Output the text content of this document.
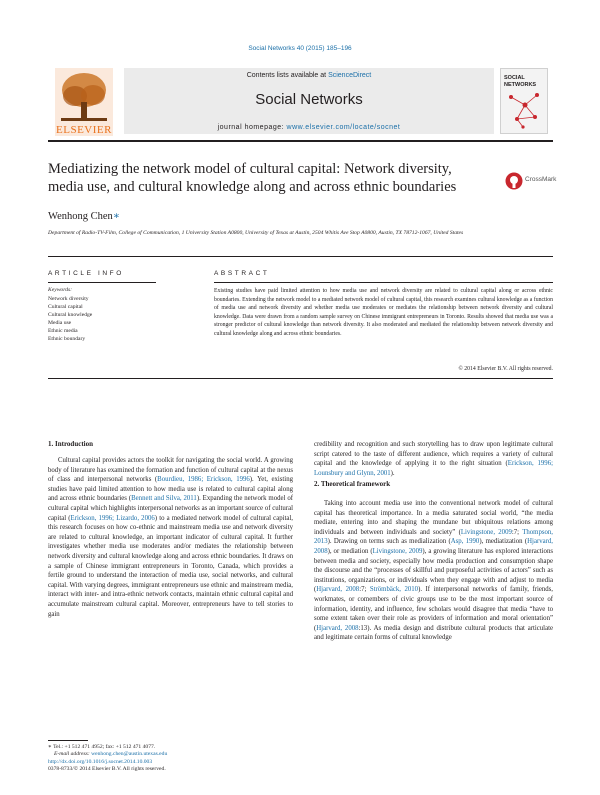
Social Networks 40 (2015) 185–196
ELSEVIER
Contents lists available at ScienceDirect
Social Networks
journal homepage: www.elsevier.com/locate/socnet
SOCIAL NETWORKS
Mediatizing the network model of cultural capital: Network diversity, media use, and cultural knowledge along and across ethnic boundaries	CrossMark
Wenhong Chen∗
Department of Radio-TV-Film, College of Communication, 1 University Station A0800, University of Texas at Austin, 2504 Whitis Ave Stop A0800, Austin, TX 78712-1067, United States
ARTICLE INFO
Keywords:
Network diversity
Cultural capital
Cultural knowledge
Media use
Ethnic media
Ethnic boundary
ABSTRACT
Existing studies have paid limited attention to how media use and network diversity are related to cultural capital along or across ethnic boundaries. Extending the network model to a mediated network model of cultural capital, this research examines cultural knowledge as a function of media use and network diversity and whether media use moderates or mediates the relationship between network diversity and cultural knowledge. Data were drawn from a random sample survey on Chinese immigrant entrepreneurs in Toronto. Results showed that media use was a stronger predictor of cultural knowledge than network diversity. It also moderated and mediated the relationship between network diversity and cultural knowledge along and across ethnic boundaries.
© 2014 Elsevier B.V. All rights reserved.
1. Introduction

Cultural capital provides actors the toolkit for navigating the social world. A growing body of literature has examined the formation and function of cultural capital at the nexus of class and interpersonal networks (Bourdieu, 1986; Erickson, 1996). Yet, existing studies have paid limited attention to how media use is related to cultural capital along and across ethnic boundaries (Bennett and Silva, 2011). Expanding the network model of cultural capital which highlights interpersonal networks as an important source of cultural capital (Erickson, 1996; Lizardo, 2006) to a mediated network model of cultural capital, this research focuses on how co-ethnic and mainstream media use and network diversity are related to cultural knowledge, an important indicator of cultural capital. It further investigates whether media use moderates and/or mediates the relationship between network diversity and cultural knowledge along and across ethnic boundaries. It draws on a sample of Chinese immigrant entrepreneurs in Toronto, Canada, which provides a fertile ground to understand the interaction of media use, social networks, and cultural capital. With varying degrees, immigrant entrepreneurs use ethnic and mainstream media, interact with inter- and intra-ethnic network contacts, maintain ethnic cultural capital and accumulate mainstream cultural capital. Moreover, entrepreneurs have to tell stories to gain

credibility and recognition and such storytelling has to draw upon legitimate cultural script catered to the taste of different audience, which requires a variety of cultural capital and the knowledge of applying it to the right situation (Erickson, 1996; Lounsbury and Glynn, 2001).

2. Theoretical framework

Taking into account media use into the conventional network model of cultural capital has theoretical importance. In a media saturated social world, “the media mediate, entering into and shaping the mundane but ubiquitous relations among individuals and between individuals and society” (Livingstone, 2009:7; Thompson, 2013). Drawing on terms such as medialization (Asp, 1990), mediatization (Hjarvard, 2008), or mediation (Livingstone, 2009), a growing literature has explored interactions between media and society, especially how media production and consumption shape the discourse and the “processes of skillful and purposeful activities of actors” such as institutions, organizations, or individuals when they engage with and adjust to media (Hjarvard, 2008:7; Strömbäck, 2010). If interpersonal networks of family, friends, workmates, or comembers of civic groups use to be the most important source of information, identity, and influence, few scholars would disagree that media “have to some extent taken over their role as providers of information and moral orientation” (Hjarvard, 2008:13). As media design and distribute cultural products that articulate and legitimate certain forms of cultural knowledge

∗ Tel.: +1 512 471 4952; fax: +1 512 471 4077.
E-mail address: wenhong.chen@austin.utexas.edu
http://dx.doi.org/10.1016/j.socnet.2014.10.003
0378-8733/© 2014 Elsevier B.V. All rights reserved.
